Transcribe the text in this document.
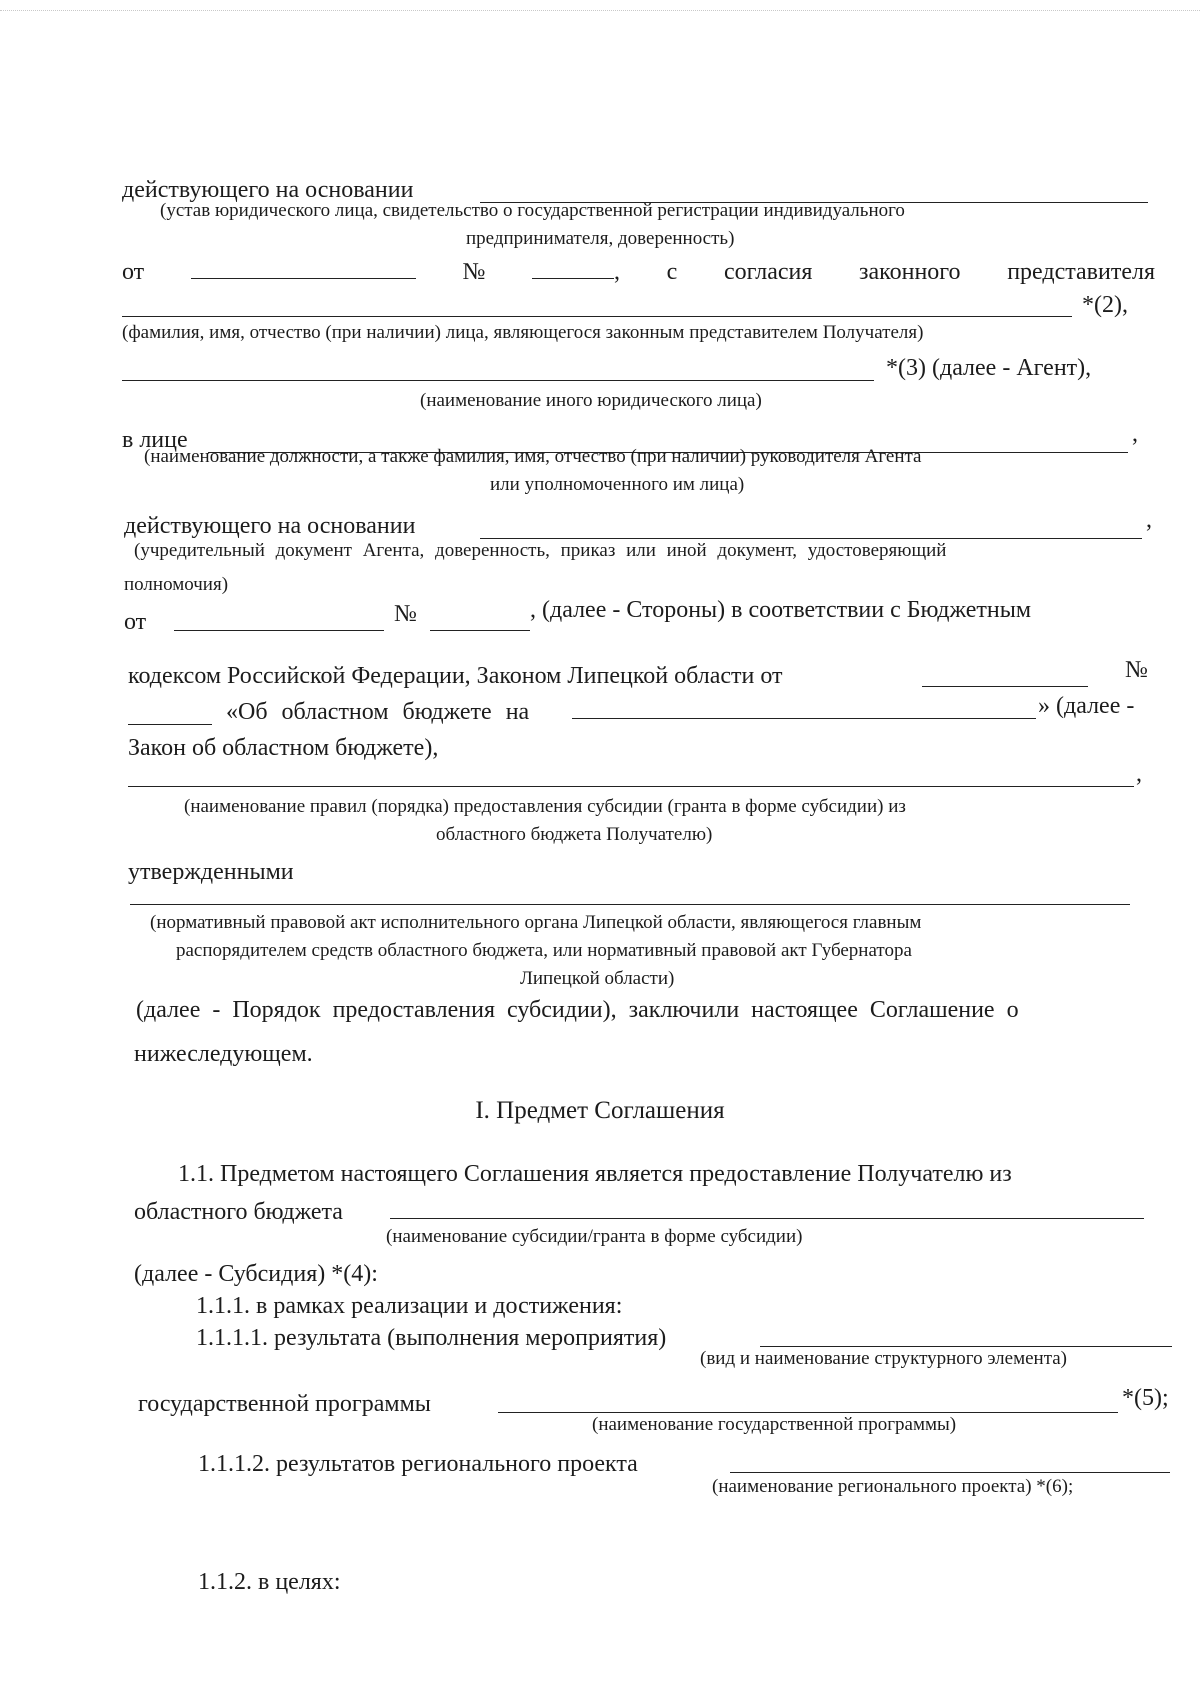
действующего на основании
(устав юридического лица, свидетельство о государственной регистрации индивидуального
предпринимателя, доверенность)
от	№	, с согласия законного представителя
*(2),
(фамилия, имя, отчество (при наличии) лица, являющегося законным представителем Получателя)
*(3) (далее - Агент),
(наименование иного юридического лица)
в лице	,
(наименование должности, а также фамилия, имя, отчество (при наличии) руководителя Агента
или уполномоченного им лица)
действующего на основании	,
(учредительный документ Агента, доверенность, приказ или иной документ, удостоверяющий
полномочия)
от	№	, (далее - Стороны) в соответствии с Бюджетным
кодексом Российской Федерации, Законом Липецкой области от	№
«Об областном бюджете на	» (далее -
Закон об областном бюджете),
,
(наименование правил (порядка) предоставления субсидии (гранта в форме субсидии) из
областного бюджета Получателю)
утвержденными
(нормативный правовой акт исполнительного органа Липецкой области, являющегося главным
распорядителем средств областного бюджета, или нормативный правовой акт Губернатора
Липецкой области)
(далее - Порядок предоставления субсидии), заключили настоящее Соглашение о
нижеследующем.
I. Предмет Соглашения
1.1. Предметом настоящего Соглашения является предоставление Получателю из
областного бюджета
(наименование субсидии/гранта в форме субсидии)
(далее - Субсидия) *(4):
1.1.1. в рамках реализации и достижения:
1.1.1.1. результата (выполнения мероприятия)
(вид и наименование структурного элемента)
государственной программы	*(5);
(наименование государственной программы)
1.1.1.2. результатов регионального проекта
(наименование регионального проекта) *(6);
1.1.2. в целях:
